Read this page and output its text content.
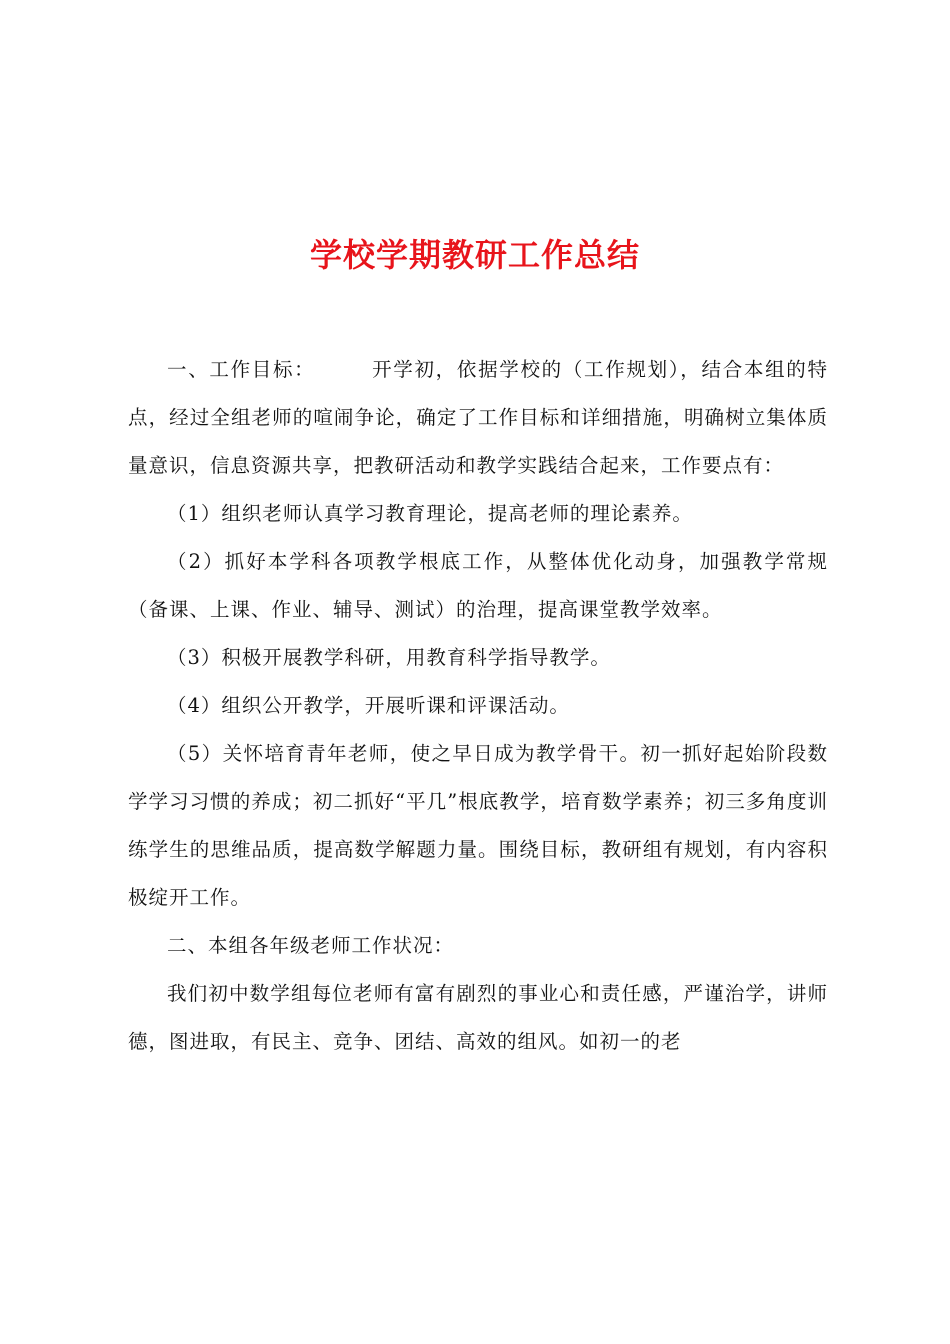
学校学期教研工作总结

一、工作目标：	开学初，依据学校的（工作规划），结合本组的特点，经过全组老师的喧闹争论，确定了工作目标和详细措施，明确树立集体质量意识，信息资源共享，把教研活动和教学实践结合起来，工作要点有：

（1）组织老师认真学习教育理论，提高老师的理论素养。

（2）抓好本学科各项教学根底工作，从整体优化动身，加强教学常规（备课、上课、作业、辅导、测试）的治理，提高课堂教学效率。

（3）积极开展教学科研，用教育科学指导教学。

（4）组织公开教学，开展听课和评课活动。

（5）关怀培育青年老师，使之早日成为教学骨干。初一抓好起始阶段数学学习习惯的养成；初二抓好“平几”根底教学，培育数学素养；初三多角度训练学生的思维品质，提高数学解题力量。围绕目标，教研组有规划，有内容积极绽开工作。

二、本组各年级老师工作状况：

我们初中数学组每位老师有富有剧烈的事业心和责任感，严谨治学，讲师德，图进取，有民主、竞争、团结、高效的组风。如初一的老
